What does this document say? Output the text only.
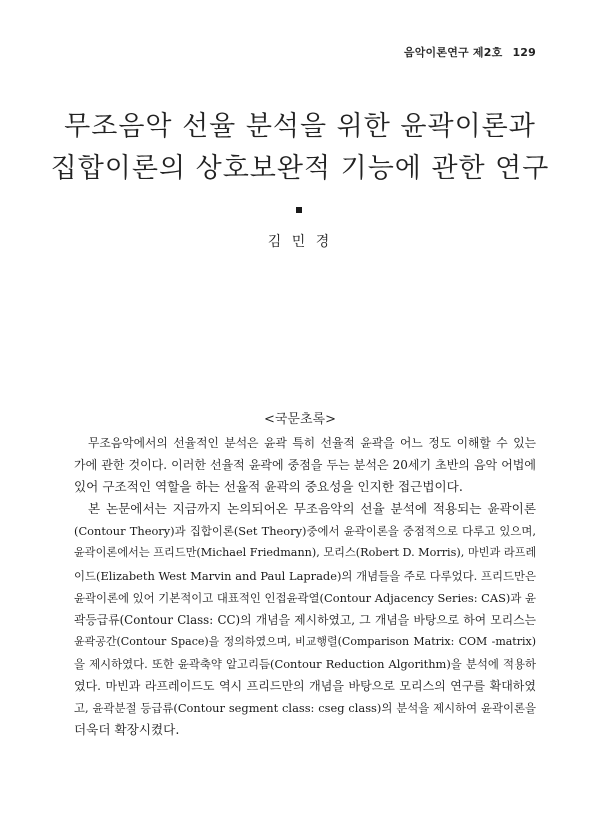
음악이론연구 제2호 129
무조음악 선율 분석을 위한 윤곽이론과
집합이론의 상호보완적 기능에 관한 연구
김 민 경
<국문초록>
무조음악에서의 선율적인 분석은 윤곽 특히 선율적 윤곽을 어느 정도 이해할 수 있는
가에 관한 것이다. 이러한 선율적 윤곽에 중점을 두는 분석은 20세기 초반의 음악 어법에
있어 구조적인 역할을 하는 선율적 윤곽의 중요성을 인지한 접근법이다.
본 논문에서는 지금까지 논의되어온 무조음악의 선율 분석에 적용되는 윤곽이론
(Contour Theory)과 집합이론(Set Theory)중에서 윤곽이론을 중점적으로 다루고 있으며,
윤곽이론에서는 프리드만(Michael Friedmann), 모리스(Robert D. Morris), 마빈과 라프레
이드(Elizabeth West Marvin and Paul Laprade)의 개념들을 주로 다루었다. 프리드만은
윤곽이론에 있어 기본적이고 대표적인 인접윤곽열(Contour Adjacency Series: CAS)과 윤
곽등급류(Contour Class: CC)의 개념을 제시하였고, 그 개념을 바탕으로 하여 모리스는
윤곽공간(Contour Space)을 정의하였으며, 비교행렬(Comparison Matrix: COM -matrix)
을 제시하였다. 또한 윤곽축약 알고리듬(Contour Reduction Algorithm)을 분석에 적용하
였다. 마빈과 라프레이드도 역시 프리드만의 개념을 바탕으로 모리스의 연구를 확대하였
고, 윤곽분절 등급류(Contour segment class: cseg class)의 분석을 제시하여 윤곽이론을
더욱더 확장시켰다.
